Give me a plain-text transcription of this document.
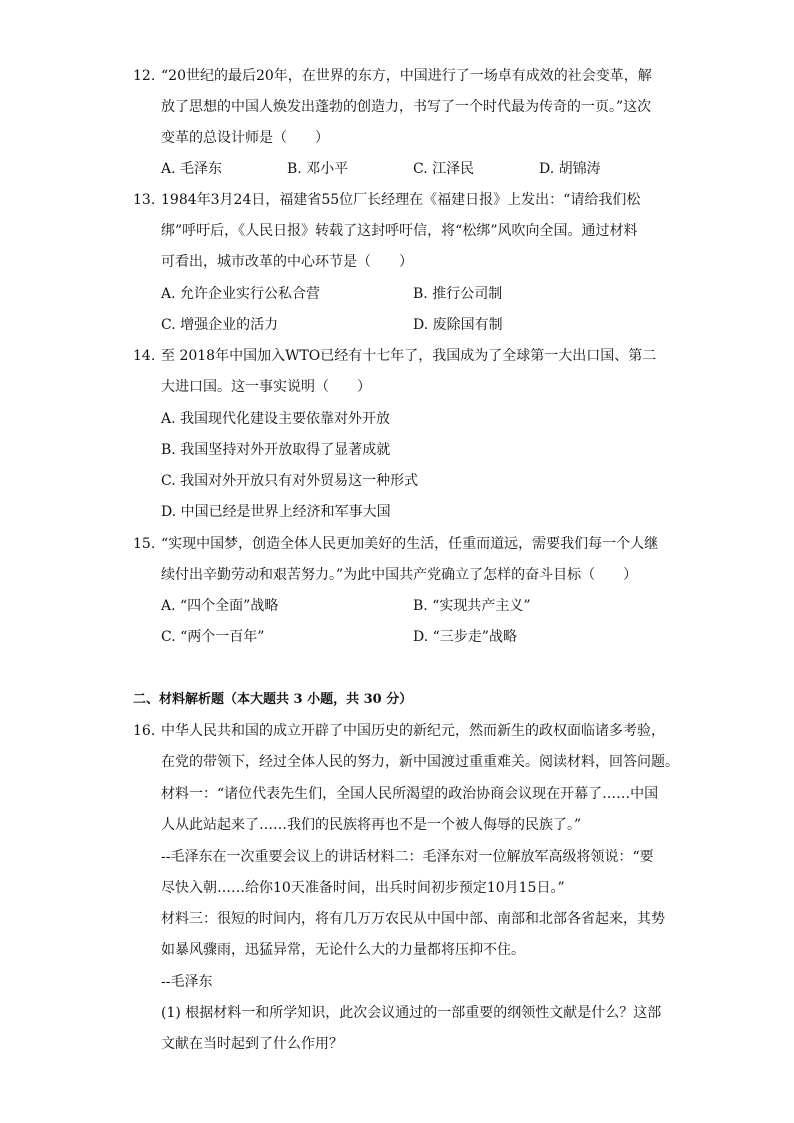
12. “20世纪的最后20年，在世界的东方，中国进行了一场卓有成效的社会变革，解
放了思想的中国人焕发出蓬勃的创造力，书写了一个时代最为传奇的一页。”这次
变革的总设计师是（　　）
A. 毛泽东	B. 邓小平	C. 江泽民	D. 胡锦涛
13. 1984年3月24日，福建省55位厂长经理在《福建日报》上发出：“请给我们松
绑”呼吁后，《人民日报》转载了这封呼吁信，将“松绑”风吹向全国。通过材料
可看出，城市改革的中心环节是（　　）
A. 允许企业实行公私合营	B. 推行公司制
C. 增强企业的活力	D. 废除国有制
14. 至 2018年中国加入WTO已经有十七年了，我国成为了全球第一大出口国、第二
大进口国。这一事实说明（　　）
A. 我国现代化建设主要依靠对外开放
B. 我国坚持对外开放取得了显著成就
C. 我国对外开放只有对外贸易这一种形式
D. 中国已经是世界上经济和军事大国
15. “实现中国梦，创造全体人民更加美好的生活，任重而道远，需要我们每一个人继
续付出辛勤劳动和艰苦努力。”为此中国共产党确立了怎样的奋斗目标（　　）
A. “四个全面”战略	B. “实现共产主义”
C. “两个一百年”	D. “三步走”战略
二、材料解析题（本大题共 3 小题，共 30 分）
16. 中华人民共和国的成立开辟了中国历史的新纪元，然而新生的政权面临诸多考验，
在党的带领下，经过全体人民的努力，新中国渡过重重难关。阅读材料，回答问题。
材料一：“诸位代表先生们，全国人民所渴望的政治协商会议现在开幕了……中国
人从此站起来了……我们的民族将再也不是一个被人侮辱的民族了。”
--毛泽东在一次重要会议上的讲话材料二：毛泽东对一位解放军高级将领说：“要
尽快入朝……给你10天准备时间，出兵时间初步预定10月15日。”
材料三：很短的时间内，将有几万万农民从中国中部、南部和北部各省起来，其势
如暴风骤雨，迅猛异常，无论什么大的力量都将压抑不住。
--毛泽东
(1) 根据材料一和所学知识，此次会议通过的一部重要的纲领性文献是什么？这部
文献在当时起到了什么作用？
